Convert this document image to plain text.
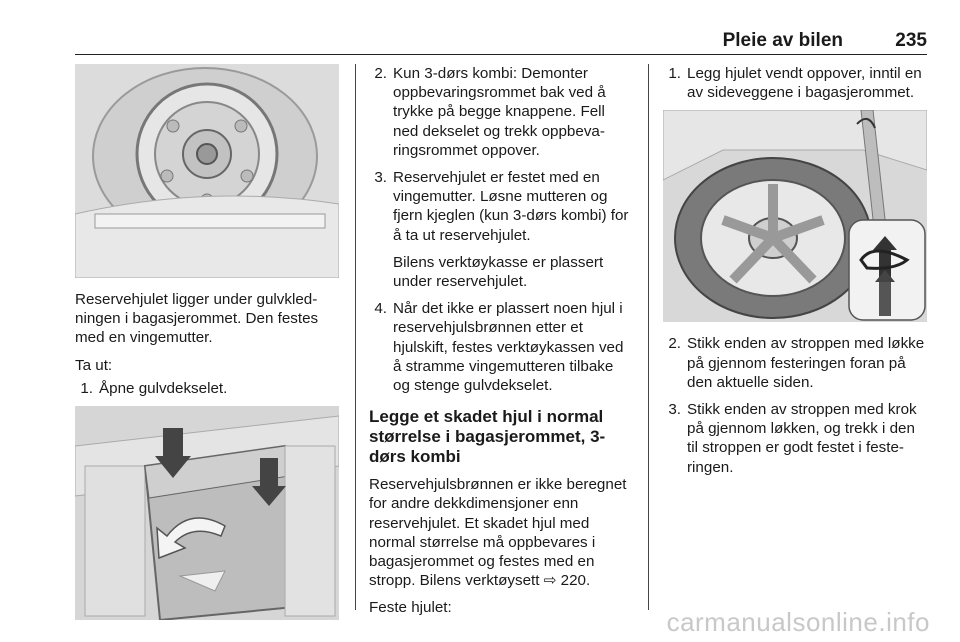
Pleie av bilen	235

Reservehjulet ligger under gulvkledningen i bagasjerommet. Den festes med en vingemutter.

Ta ut:

1. Åpne gulvdekselet.
2. Kun 3-dørs kombi: Demonter oppbevaringsrommet bak ved å trykke på begge knappene. Fell ned dekselet og trekk oppbevaringsrommet oppover.
3. Reservehjulet er festet med en vingemutter. Løsne mutteren og fjern kjeglen (kun 3-dørs kombi) for å ta ut reservehjulet.

Bilens verktøykasse er plassert under reservehjulet.

4. Når det ikke er plassert noen hjul i reservehjulsbrønnen etter et hjulskift, festes verktøykassen ved å stramme vingemutteren tilbake og stenge gulvdekselet.
Legge et skadet hjul i normal størrelse i bagasjerommet, 3-dørs kombi

Reservehjulsbrønnen er ikke beregnet for andre dekkdimensjoner enn reservehjulet. Et skadet hjul med normal størrelse må oppbevares i bagasjerommet og festes med en stropp. Bilens verktøysett ⇨ 220.

Feste hjulet:

1. Legg hjulet vendt oppover, inntil en av sideveggene i bagasjerommet.
2. Stikk enden av stroppen med løkke på gjennom festeringen foran på den aktuelle siden.
3. Stikk enden av stroppen med krok på gjennom løkken, og trekk i den til stroppen er godt festet i festeringen.
carmanualsonline.info
